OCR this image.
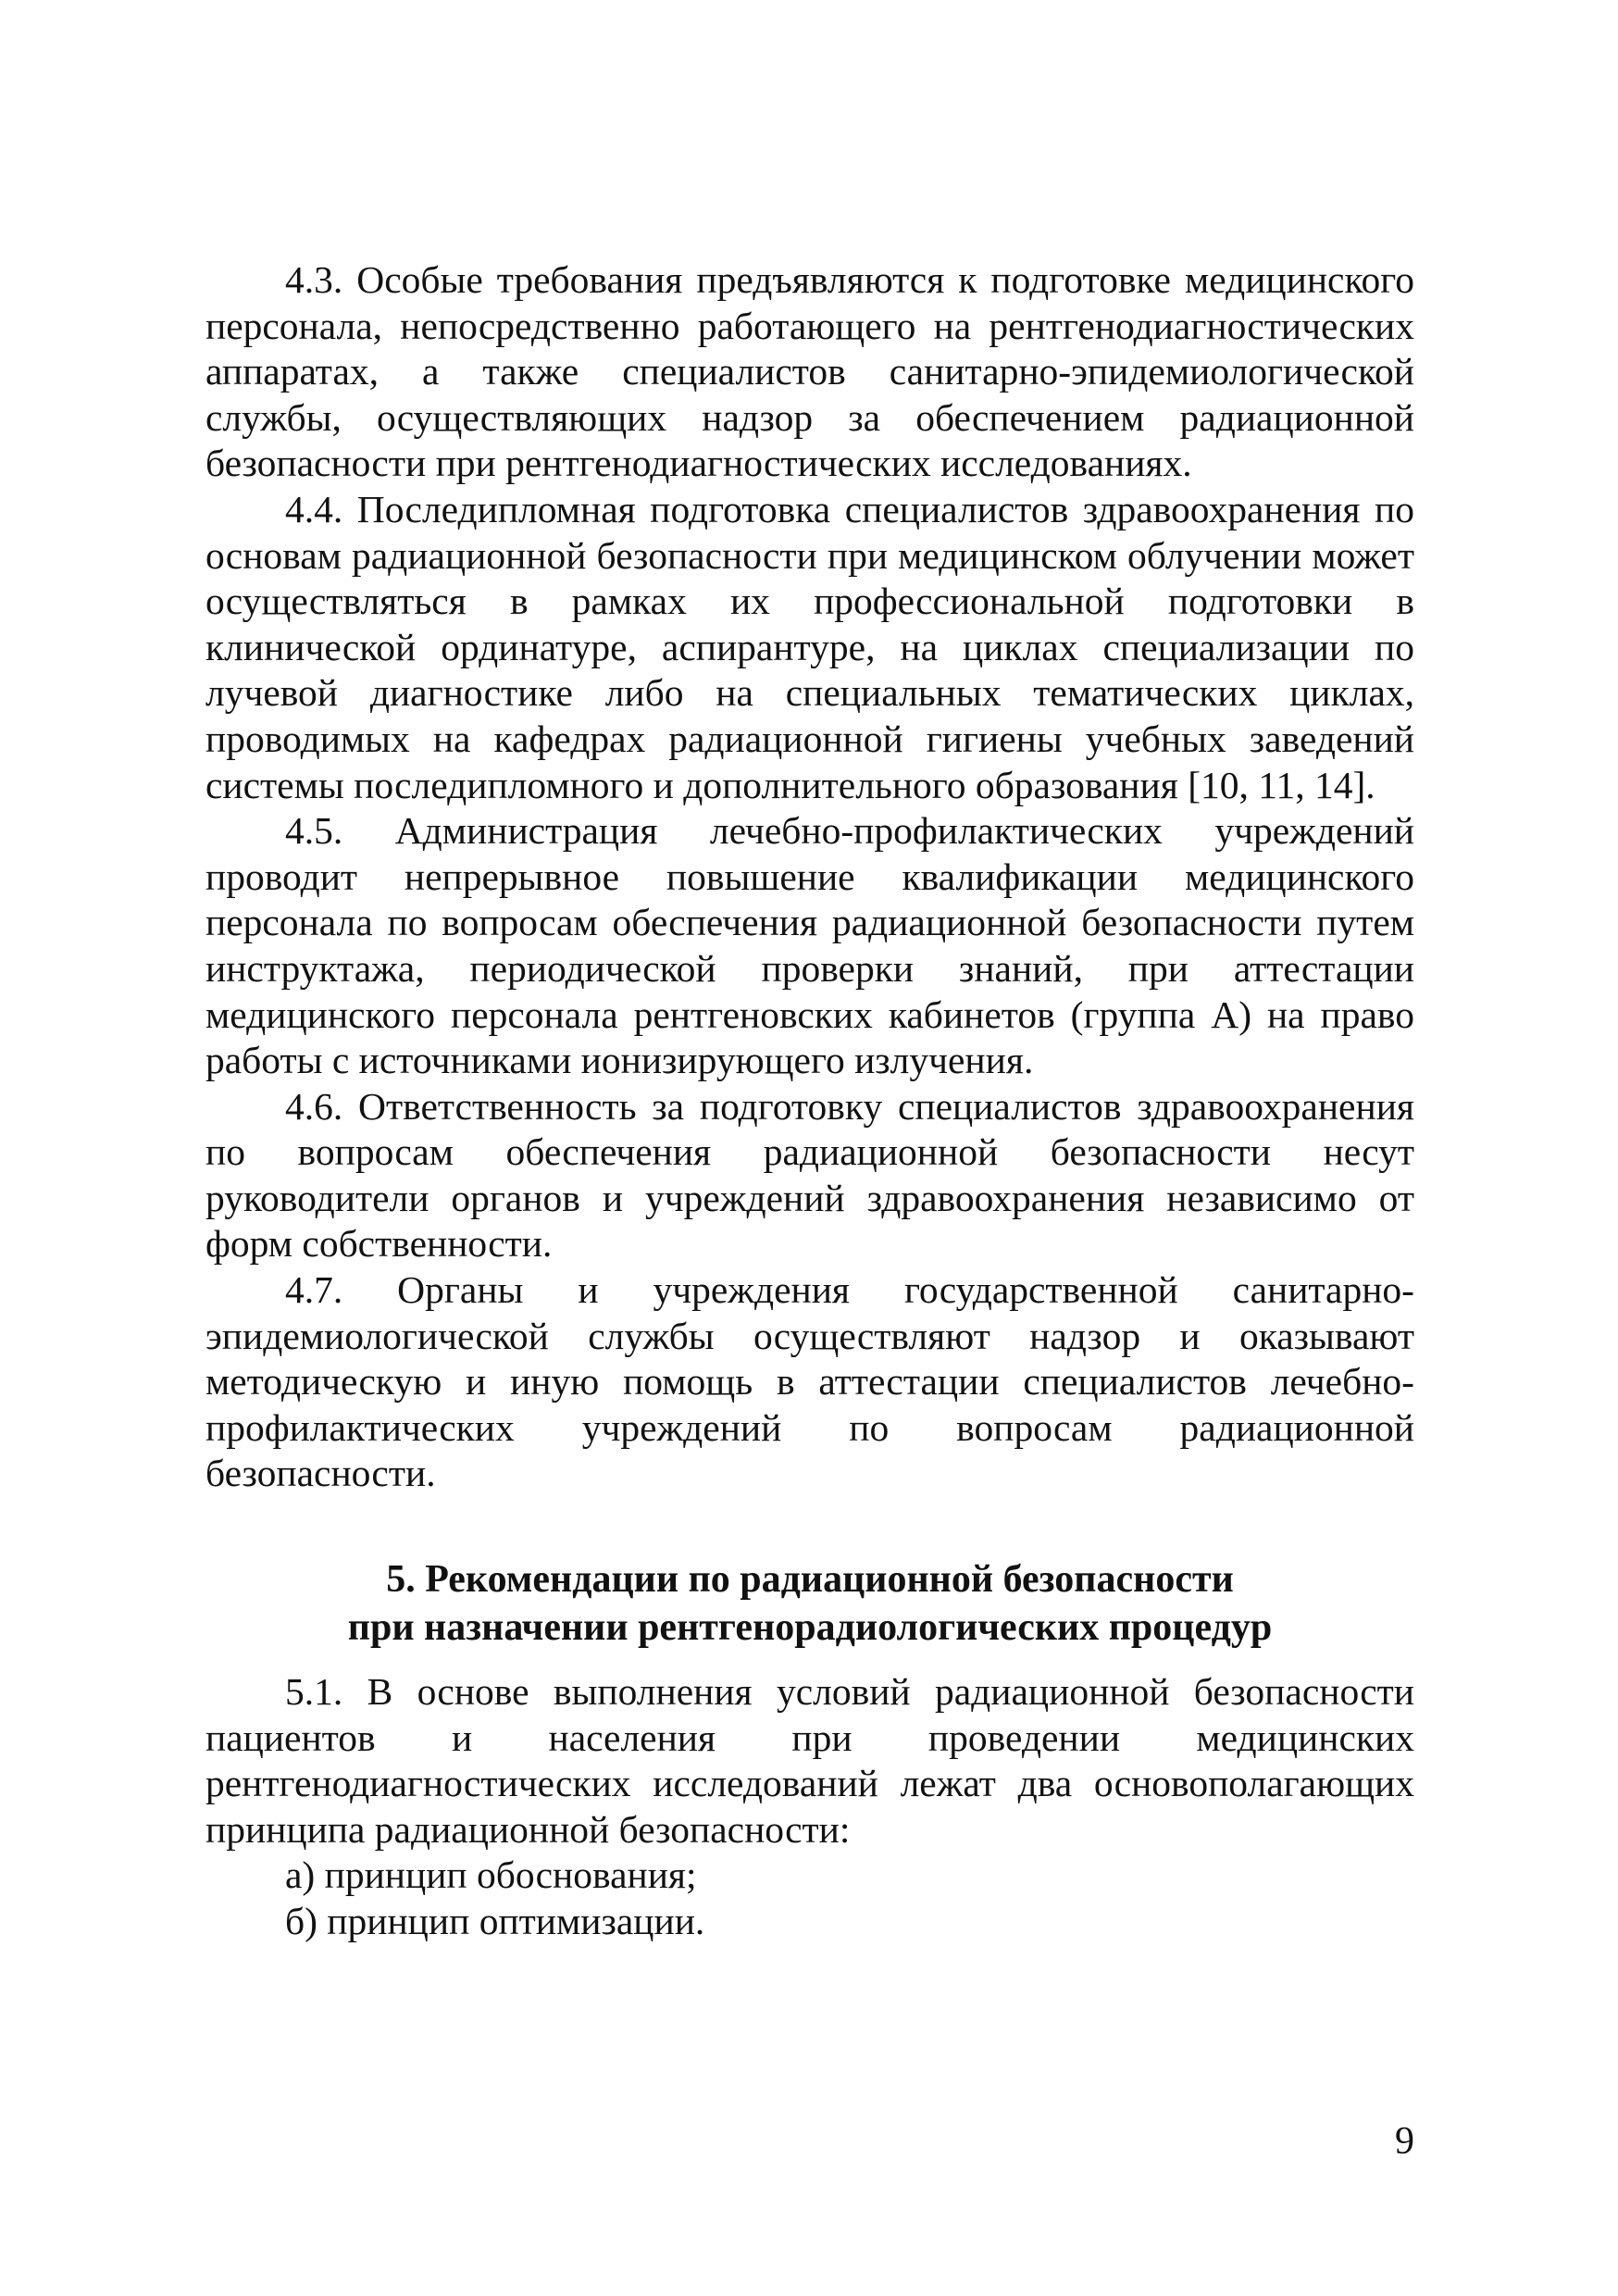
4.3. Особые требования предъявляются к подготовке медицинского персонала, непосредственно работающего на рентгенодиагностических аппаратах, а также специалистов санитарно-эпидемиологической службы, осуществляющих надзор за обеспечением радиационной безопасности при рентгенодиагностических исследованиях.

4.4. Последипломная подготовка специалистов здравоохранения по основам радиационной безопасности при медицинском облучении может осуществляться в рамках их профессиональной подготовки в клинической ординатуре, аспирантуре, на циклах специализации по лучевой диагностике либо на специальных тематических циклах, проводимых на кафедрах радиационной гигиены учебных заведений системы последипломного и дополнительного образования [10, 11, 14].

4.5. Администрация лечебно-профилактических учреждений проводит непрерывное повышение квалификации медицинского персонала по вопросам обеспечения радиационной безопасности путем инструктажа, периодической проверки знаний, при аттестации медицинского персонала рентгеновских кабинетов (группа А) на право работы с источниками ионизирующего излучения.

4.6. Ответственность за подготовку специалистов здравоохранения по вопросам обеспечения радиационной безопасности несут руководители органов и учреждений здравоохранения независимо от форм собственности.

4.7. Органы и учреждения государственной санитарно-эпидемиологической службы осуществляют надзор и оказывают методическую и иную помощь в аттестации специалистов лечебно-профилактических учреждений по вопросам радиационной безопасности.

5. Рекомендации по радиационной безопасности
при назначении рентгенорадиологических процедур

5.1. В основе выполнения условий радиационной безопасности пациентов и населения при проведении медицинских рентгенодиагностических исследований лежат два основополагающих принципа радиационной безопасности:

а) принцип обоснования;
б) принцип оптимизации.
9
